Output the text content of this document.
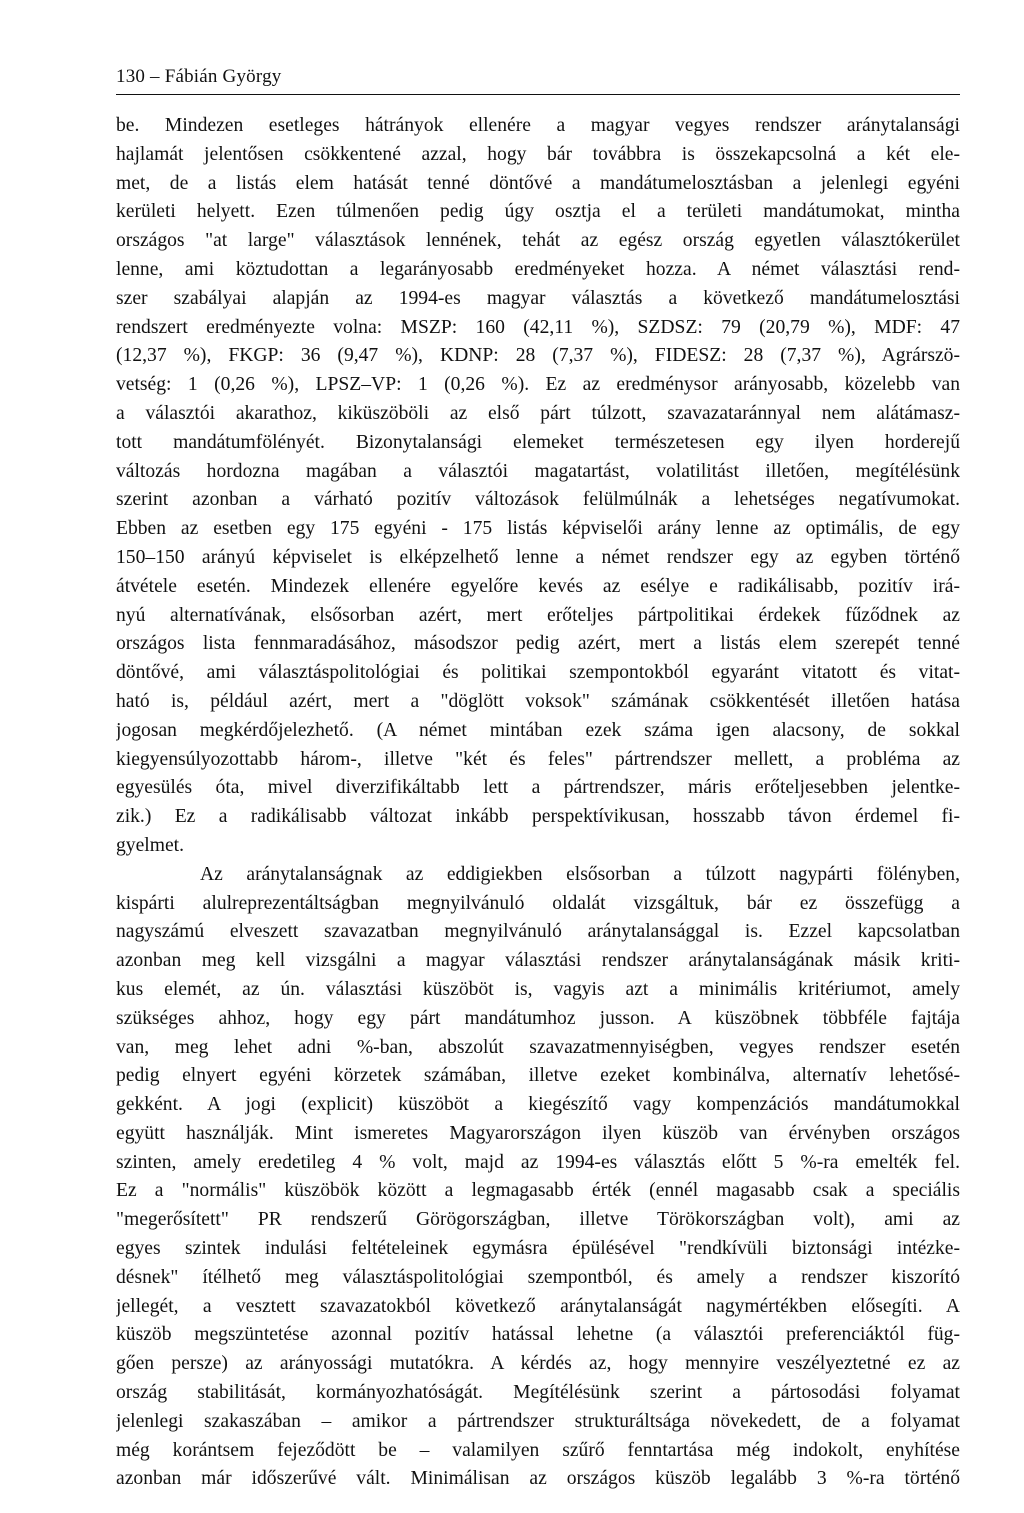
130 – Fábián György
be. Mindezen esetleges hátrányok ellenére a magyar vegyes rendszer aránytalansági
hajlamát jelentősen csökkentené azzal, hogy bár továbbra is összekapcsolná a két ele-
met, de a listás elem hatását tenné döntővé a mandátumelosztásban a jelenlegi egyéni
kerületi helyett. Ezen túlmenően pedig úgy osztja el a területi mandátumokat, mintha
országos "at large" választások lennének, tehát az egész ország egyetlen választókerület
lenne, ami köztudottan a legarányosabb eredményeket hozza. A német választási rend-
szer szabályai alapján az 1994-es magyar választás a következő mandátumelosztási
rendszert eredményezte volna: MSZP: 160 (42,11 %), SZDSZ: 79 (20,79 %), MDF: 47
(12,37 %), FKGP: 36 (9,47 %), KDNP: 28 (7,37 %), FIDESZ: 28 (7,37 %), Agrárszö-
vetség: 1 (0,26 %), LPSZ–VP: 1 (0,26 %). Ez az eredménysor arányosabb, közelebb van
a választói akarathoz, kiküszöböli az első párt túlzott, szavazatаránnyal nem alátámasz-
tott mandátumfölényét. Bizonytalansági elemeket természetesen egy ilyen horderejű
változás hordozna magában a választói magatartást, volatilitást illetően, megítélésünk
szerint azonban a várható pozitív változások felülmúlnák a lehetséges negatívumokat.
Ebben az esetben egy 175 egyéni - 175 listás képviselői arány lenne az optimális, de egy
150–150 arányú képviselet is elképzelhető lenne a német rendszer egy az egyben történő
átvétele esetén. Mindezek ellenére egyelőre kevés az esélye e radikálisabb, pozitív irá-
nyú alternatívának, elsősorban azért, mert erőteljes pártpolitikai érdekek fűződnek az
országos lista fennmaradásához, másodszor pedig azért, mert a listás elem szerepét tenné
döntővé, ami választáspolitológiai és politikai szempontokból egyaránt vitatott és vitat-
ható is, például azért, mert a "döglött voksok" számának csökkentését illetően hatása
jogosan megkérdőjelezhető. (A német mintában ezek száma igen alacsony, de sokkal
kiegyensúlyozottabb három-, illetve "két és feles" pártrendszer mellett, a probléma az
egyesülés óta, mivel diverzifikáltabb lett a pártrendszer, máris erőteljesebben jelentke-
zik.) Ez a radikálisabb változat inkább perspektívikusan, hosszabb távon érdemel fi-
gyelmet.
Az aránytalanságnak az eddigiekben elsősorban a túlzott nagypárti fölényben,
kispárti alulreprezentáltságban megnyilvánuló oldalát vizsgáltuk, bár ez összefügg a
nagyszámú elveszett szavazatban megnyilvánuló aránytalansággal is. Ezzel kapcsolatban
azonban meg kell vizsgálni a magyar választási rendszer aránytalanságának másik kriti-
kus elemét, az ún. választási küszöböt is, vagyis azt a minimális kritériumot, amely
szükséges ahhoz, hogy egy párt mandátumhoz jusson. A küszöbnek többféle fajtája
van, meg lehet adni %-ban, abszolút szavazatmennyiségben, vegyes rendszer esetén
pedig elnyert egyéni körzetek számában, illetve ezeket kombinálva, alternatív lehetősé-
gekként. A jogi (explicit) küszöböt a kiegészítő vagy kompenzációs mandátumokkal
együtt használják. Mint ismeretes Magyarországon ilyen küszöb van érvényben országos
szinten, amely eredetileg 4 % volt, majd az 1994-es választás előtt 5 %-ra emelték fel.
Ez a "normális" küszöbök között a legmagasabb érték (ennél magasabb csak a speciális
"megerősített" PR rendszerű Görögországban, illetve Törökországban volt), ami az
egyes szintek indulási feltételeinek egymásra épülésével "rendkívüli biztonsági intézke-
désnek" ítélhető meg választáspolitológiai szempontból, és amely a rendszer kiszorító
jellegét, a vesztett szavazatokból következő aránytalanságát nagymértékben elősegíti. A
küszöb megszüntetése azonnal pozitív hatással lehetne (a választói preferenciáktól füg-
gően persze) az arányossági mutatókra. A kérdés az, hogy mennyire veszélyeztetné ez az
ország stabilitását, kormányozhatóságát. Megítélésünk szerint a pártosodási folyamat
jelenlegi szakaszában – amikor a pártrendszer strukturáltsága növekedett, de a folyamat
még korántsem fejeződött be – valamilyen szűrő fenntartása még indokolt, enyhítése
azonban már időszerűvé vált. Minimálisan az országos küszöb legalább 3 %-ra történő
